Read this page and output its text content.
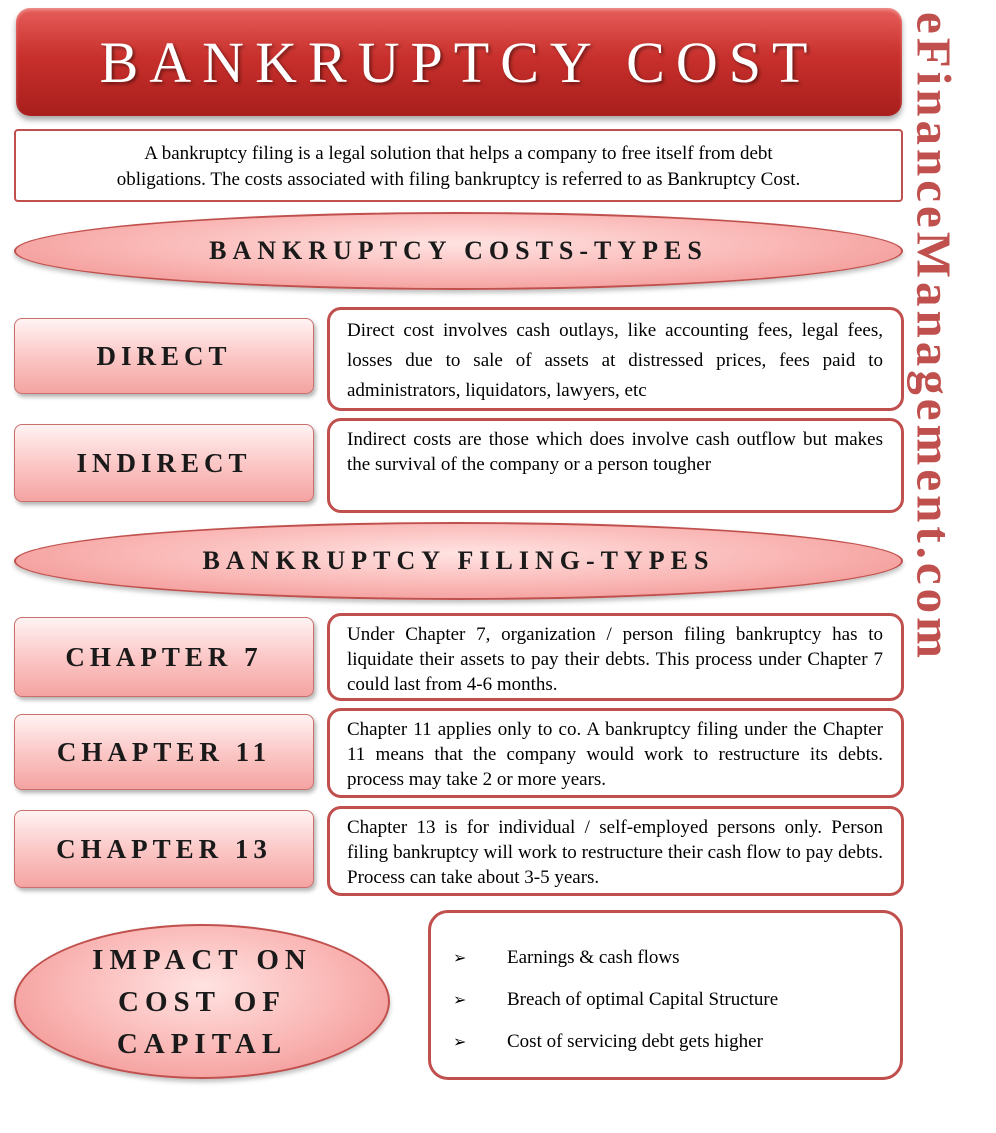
BANKRUPTCY COST
A bankruptcy filing is a legal solution that helps a company to free itself from debt
obligations. The costs associated with filing bankruptcy is referred to as Bankruptcy Cost.
BANKRUPTCY COSTS-TYPES
DIRECT
Direct cost involves cash outlays, like accounting fees, legal fees, losses due to sale of assets at distressed prices, fees paid to administrators, liquidators, lawyers, etc
INDIRECT
Indirect costs are those which does involve cash outflow but makes the survival of the company or a person tougher
BANKRUPTCY FILING-TYPES
CHAPTER 7
Under Chapter 7, organization / person filing bankruptcy has to liquidate their assets to pay their debts. This process under Chapter 7 could last from 4-6 months.
CHAPTER 11
Chapter 11 applies only to co. A bankruptcy filing under the Chapter 11 means that the company would work to restructure its debts. process may take 2 or more years.
CHAPTER 13
Chapter 13 is for individual / self-employed persons only. Person filing bankruptcy will work to restructure their cash flow to pay debts. Process can take about 3-5 years.
IMPACT ON
COST OF
CAPITAL
➢	Earnings & cash flows
➢	Breach of optimal Capital Structure
➢	Cost of servicing debt gets higher
eFinanceManagement.com
